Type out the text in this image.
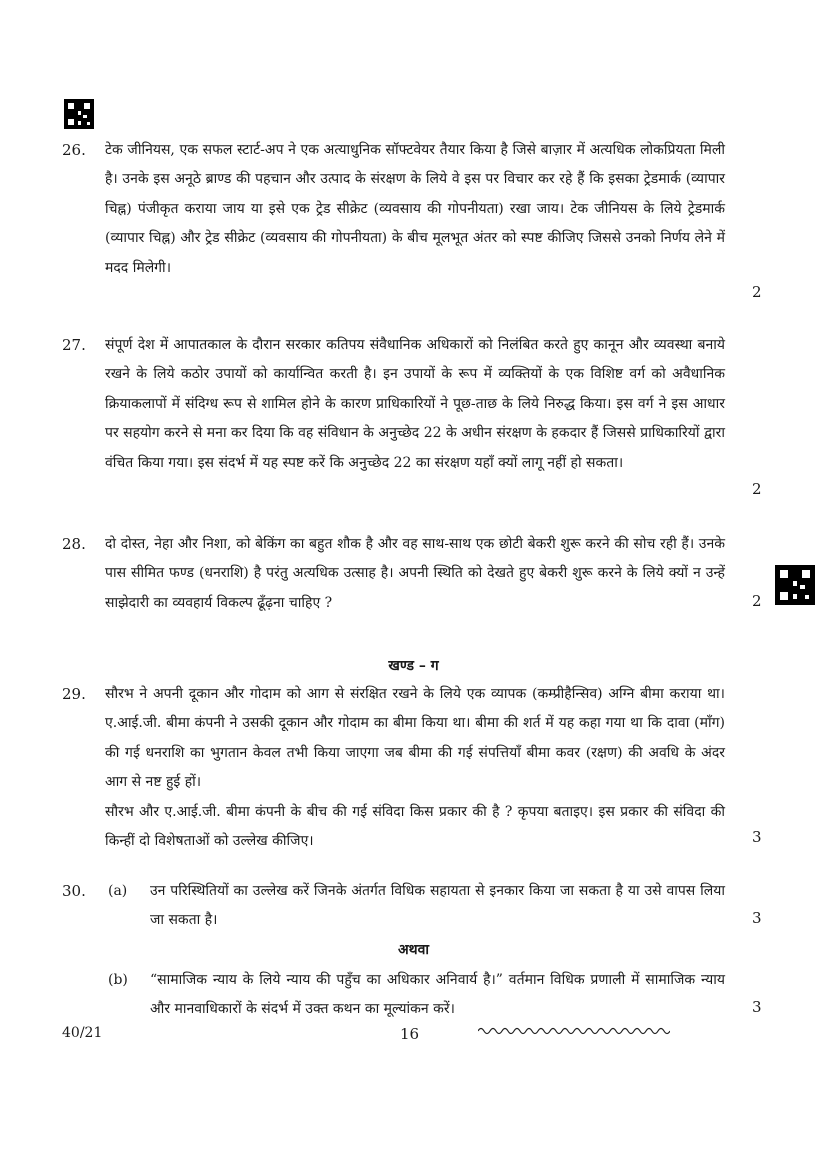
26. टेक जीनियस, एक सफल स्टार्ट-अप ने एक अत्याधुनिक सॉफ्टवेयर तैयार किया है जिसे बाज़ार में अत्यधिक लोकप्रियता मिली है। उनके इस अनूठे ब्राण्ड की पहचान और उत्पाद के संरक्षण के लिये वे इस पर विचार कर रहे हैं कि इसका ट्रेडमार्क (व्यापार चिह्न) पंजीकृत कराया जाय या इसे एक ट्रेड सीक्रेट (व्यवसाय की गोपनीयता) रखा जाय। टेक जीनियस के लिये ट्रेडमार्क (व्यापार चिह्न) और ट्रेड सीक्रेट (व्यवसाय की गोपनीयता) के बीच मूलभूत अंतर को स्पष्ट कीजिए जिससे उनको निर्णय लेने में मदद मिलेगी।

2
27. संपूर्ण देश में आपातकाल के दौरान सरकार कतिपय संवैधानिक अधिकारों को निलंबित करते हुए कानून और व्यवस्था बनाये रखने के लिये कठोर उपायों को कार्यान्वित करती है। इन उपायों के रूप में व्यक्तियों के एक विशिष्ट वर्ग को अवैधानिक क्रियाकलापों में संदिग्ध रूप से शामिल होने के कारण प्राधिकारियों ने पूछ-ताछ के लिये निरुद्ध किया। इस वर्ग ने इस आधार पर सहयोग करने से मना कर दिया कि वह संविधान के अनुच्छेद 22 के अधीन संरक्षण के हकदार हैं जिससे प्राधिकारियों द्वारा वंचित किया गया। इस संदर्भ में यह स्पष्ट करें कि अनुच्छेद 22 का संरक्षण यहाँ क्यों लागू नहीं हो सकता।

2
28. दो दोस्त, नेहा और निशा, को बेकिंग का बहुत शौक है और वह साथ-साथ एक छोटी बेकरी शुरू करने की सोच रही हैं। उनके पास सीमित फण्ड (धनराशि) है परंतु अत्यधिक उत्साह है। अपनी स्थिति को देखते हुए बेकरी शुरू करने के लिये क्यों न उन्हें साझेदारी का व्यवहार्य विकल्प ढूँढ़ना चाहिए ?	2
खण्ड – ग
29. सौरभ ने अपनी दूकान और गोदाम को आग से संरक्षित रखने के लिये एक व्यापक (कम्प्रीहैन्सिव) अग्नि बीमा कराया था। ए.आई.जी. बीमा कंपनी ने उसकी दूकान और गोदाम का बीमा किया था। बीमा की शर्त में यह कहा गया था कि दावा (माँग) की गई धनराशि का भुगतान केवल तभी किया जाएगा जब बीमा की गई संपत्तियाँ बीमा कवर (रक्षण) की अवधि के अंदर आग से नष्ट हुई हों।

सौरभ और ए.आई.जी. बीमा कंपनी के बीच की गई संविदा किस प्रकार की है ? कृपया बताइए। इस प्रकार की संविदा की किन्हीं दो विशेषताओं को उल्लेख कीजिए।	3
30. (a) उन परिस्थितियों का उल्लेख करें जिनके अंतर्गत विधिक सहायता से इनकार किया जा सकता है या उसे वापस लिया जा सकता है।	3
अथवा
(b) “सामाजिक न्याय के लिये न्याय की पहुँच का अधिकार अनिवार्य है।” वर्तमान विधिक प्रणाली में सामाजिक न्याय और मानवाधिकारों के संदर्भ में उक्त कथन का मूल्यांकन करें।	3
40/21	16
